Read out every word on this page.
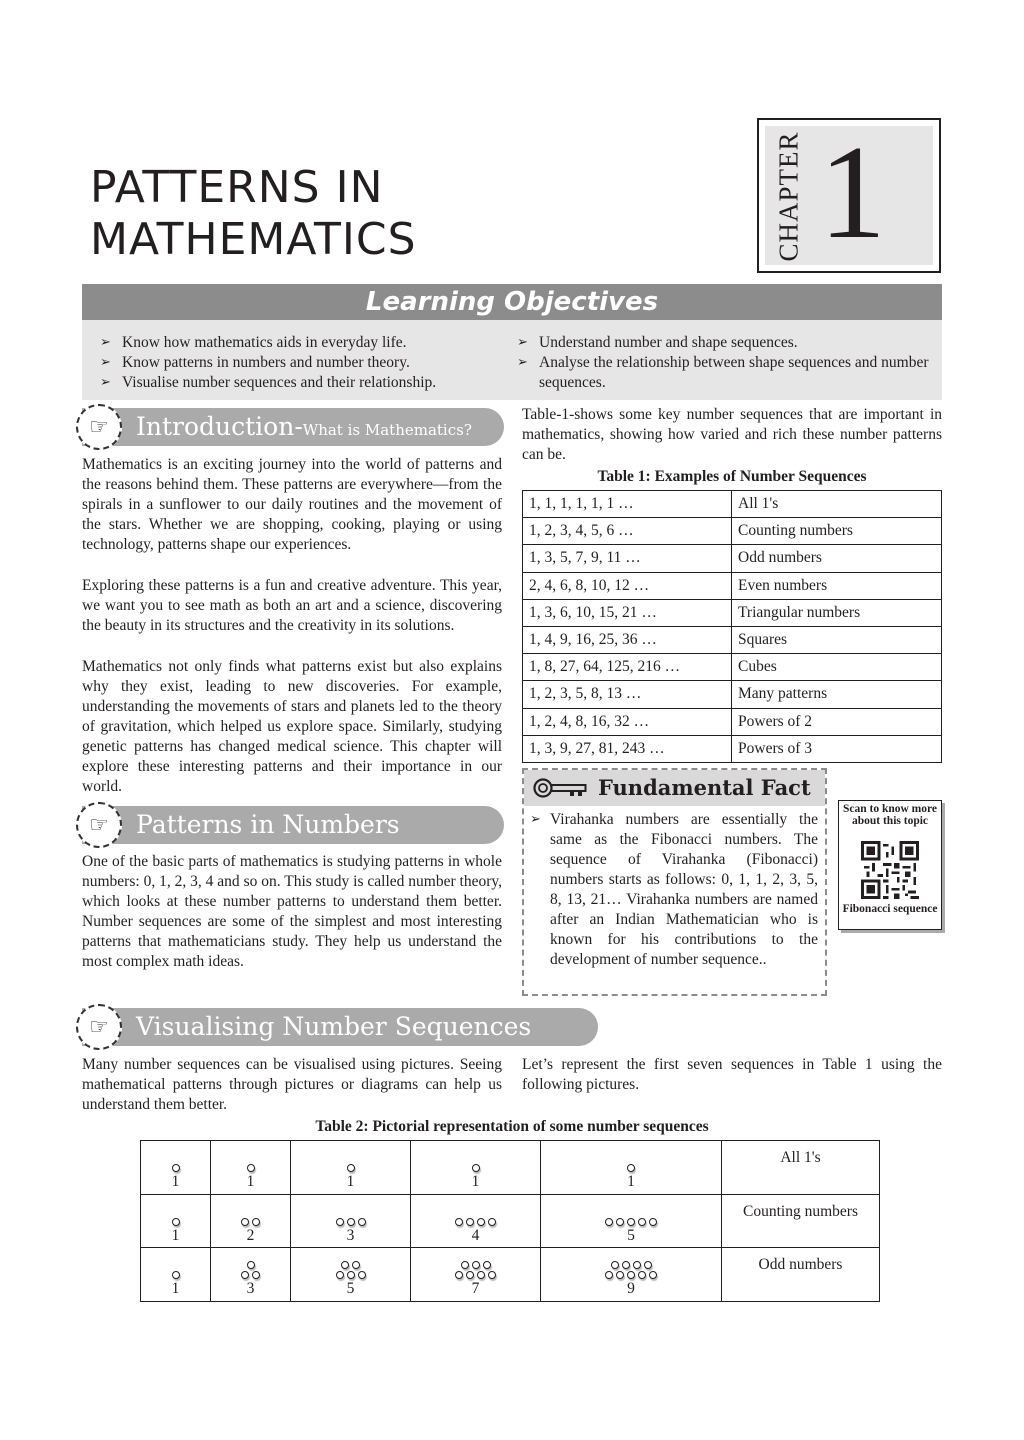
PATTERNS IN
MATHEMATICS	CHAPTER 1
Learning Objectives
➢ Know how mathematics aids in everyday life.
➢ Know patterns in numbers and number theory.
➢ Visualise number sequences and their relationship.
➢ Understand number and shape sequences.
➢ Analyse the relationship between shape sequences and number sequences.
☞	Introduction-What is Mathematics?
Mathematics is an exciting journey into the world of patterns and the reasons behind them. These patterns are everywhere—from the spirals in a sunflower to our daily routines and the movement of the stars. Whether we are shopping, cooking, playing or using technology, patterns shape our experiences.
Exploring these patterns is a fun and creative adventure. This year, we want you to see math as both an art and a science, discovering the beauty in its structures and the creativity in its solutions.
Mathematics not only finds what patterns exist but also explains why they exist, leading to new discoveries. For example, understanding the movements of stars and planets led to the theory of gravitation, which helped us explore space. Similarly, studying genetic patterns has changed medical science. This chapter will explore these interesting patterns and their importance in our world.
☞	Patterns in Numbers
One of the basic parts of mathematics is studying patterns in whole numbers: 0, 1, 2, 3, 4 and so on. This study is called number theory, which looks at these number patterns to understand them better. Number sequences are some of the simplest and most interesting patterns that mathematicians study. They help us understand the most complex math ideas.
Table-1-shows some key number sequences that are important in mathematics, showing how varied and rich these number patterns can be.
Table 1: Examples of Number Sequences
1, 1, 1, 1, 1, 1 …	All 1's
1, 2, 3, 4, 5, 6 …	Counting numbers
1, 3, 5, 7, 9, 11 …	Odd numbers
2, 4, 6, 8, 10, 12 …	Even numbers
1, 3, 6, 10, 15, 21 …	Triangular numbers
1, 4, 9, 16, 25, 36 …	Squares
1, 8, 27, 64, 125, 216 …	Cubes
1, 2, 3, 5, 8, 13 …	Many patterns
1, 2, 4, 8, 16, 32 …	Powers of 2
1, 3, 9, 27, 81, 243 …	Powers of 3
Fundamental Fact
➢ Virahanka numbers are essentially the same as the Fibonacci numbers. The sequence of Virahanka (Fibonacci) numbers starts as follows: 0, 1, 1, 2, 3, 5, 8, 13, 21… Virahanka numbers are named after an Indian Mathematician who is known for his contributions to the development of number sequence..
Scan to know more about this topic
Fibonacci sequence
☞	Visualising Number Sequences
Many number sequences can be visualised using pictures. Seeing mathematical patterns through pictures or diagrams can help us understand them better.
Let’s represent the first seven sequences in Table 1 using the following pictures.
Table 2: Pictorial representation of some number sequences
1	1	1	1	1	All 1's

1	2	3	4	5	Counting numbers

1	3	5	7	9	Odd numbers
